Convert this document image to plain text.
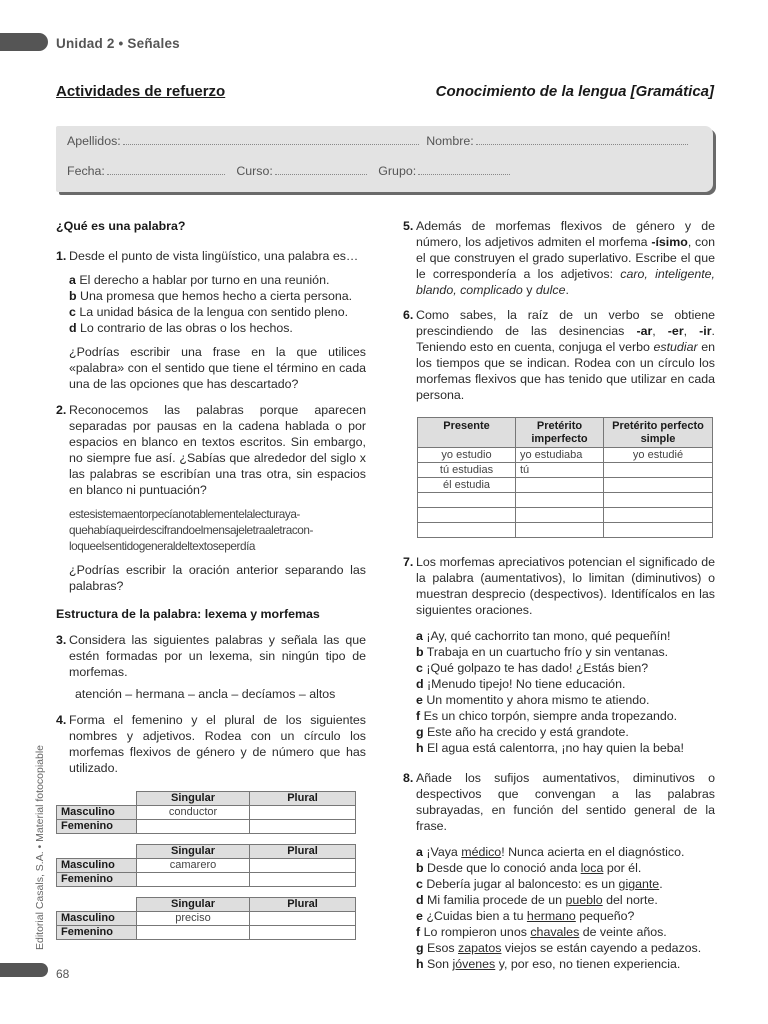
Unidad 2 • Señales
Actividades de refuerzo	Conocimiento de la lengua [Gramática]
Apellidos:	Nombre:
Fecha:	Curso:	Grupo:
¿Qué es una palabra?
1. Desde el punto de vista lingüístico, una palabra es…
a El derecho a hablar por turno en una reunión.
b Una promesa que hemos hecho a cierta persona.
c La unidad básica de la lengua con sentido pleno.
d Lo contrario de las obras o los hechos.
¿Podrías escribir una frase en la que utilices «palabra» con el sentido que tiene el término en cada una de las opciones que has descartado?
2. Reconocemos las palabras porque aparecen separadas por pausas en la cadena hablada o por espacios en blanco en textos escritos. Sin embargo, no siempre fue así. ¿Sabías que alrededor del siglo x las palabras se escribían una tras otra, sin espacios en blanco ni puntuación?
estesistemaentorpecíanotablementelalecturaya-
quehabíaqueirdescifrandoelmensajeletraaletracon-
loqueelsentidogeneraldeltextoseperdía
¿Podrías escribir la oración anterior separando las palabras?
Estructura de la palabra: lexema y morfemas
3. Considera las siguientes palabras y señala las que estén formadas por un lexema, sin ningún tipo de morfemas.
atención – hermana – ancla – decíamos – altos
4. Forma el femenino y el plural de los siguientes nombres y adjetivos. Rodea con un círculo los morfemas flexivos de género y de número que has utilizado.
	Singular	Plural
Masculino	conductor	
Femenino		
	Singular	Plural
Masculino	camarero	
Femenino		
	Singular	Plural
Masculino	preciso	
Femenino		
5. Además de morfemas flexivos de género y de número, los adjetivos admiten el morfema -ísimo, con el que construyen el grado superlativo. Escribe el que le correspondería a los adjetivos: caro, inteligente, blando, complicado y dulce.
6. Como sabes, la raíz de un verbo se obtiene prescindiendo de las desinencias -ar, -er, -ir. Teniendo esto en cuenta, conjuga el verbo estudiar en los tiempos que se indican. Rodea con un círculo los morfemas flexivos que has tenido que utilizar en cada persona.
Presente	Pretérito imperfecto	Pretérito perfecto simple
yo estudio	yo estudiaba	yo estudié
tú estudias	tú	
él estudia		

7. Los morfemas apreciativos potencian el significado de la palabra (aumentativos), lo limitan (diminutivos) o muestran desprecio (despectivos). Identifícalos en las siguientes oraciones.
a ¡Ay, qué cachorrito tan mono, qué pequeñín!
b Trabaja en un cuartucho frío y sin ventanas.
c ¡Qué golpazo te has dado! ¿Estás bien?
d ¡Menudo tipejo! No tiene educación.
e Un momentito y ahora mismo te atiendo.
f Es un chico torpón, siempre anda tropezando.
g Este año ha crecido y está grandote.
h El agua está calentorra, ¡no hay quien la beba!
8. Añade los sufijos aumentativos, diminutivos o despectivos que convengan a las palabras subrayadas, en función del sentido general de la frase.
a ¡Vaya médico! Nunca acierta en el diagnóstico.
b Desde que lo conoció anda loca por él.
c Debería jugar al baloncesto: es un gigante.
d Mi familia procede de un pueblo del norte.
e ¿Cuidas bien a tu hermano pequeño?
f Lo rompieron unos chavales de veinte años.
g Esos zapatos viejos se están cayendo a pedazos.
h Son jóvenes y, por eso, no tienen experiencia.
Editorial Casals, S.A. • Material fotocopiable
68
